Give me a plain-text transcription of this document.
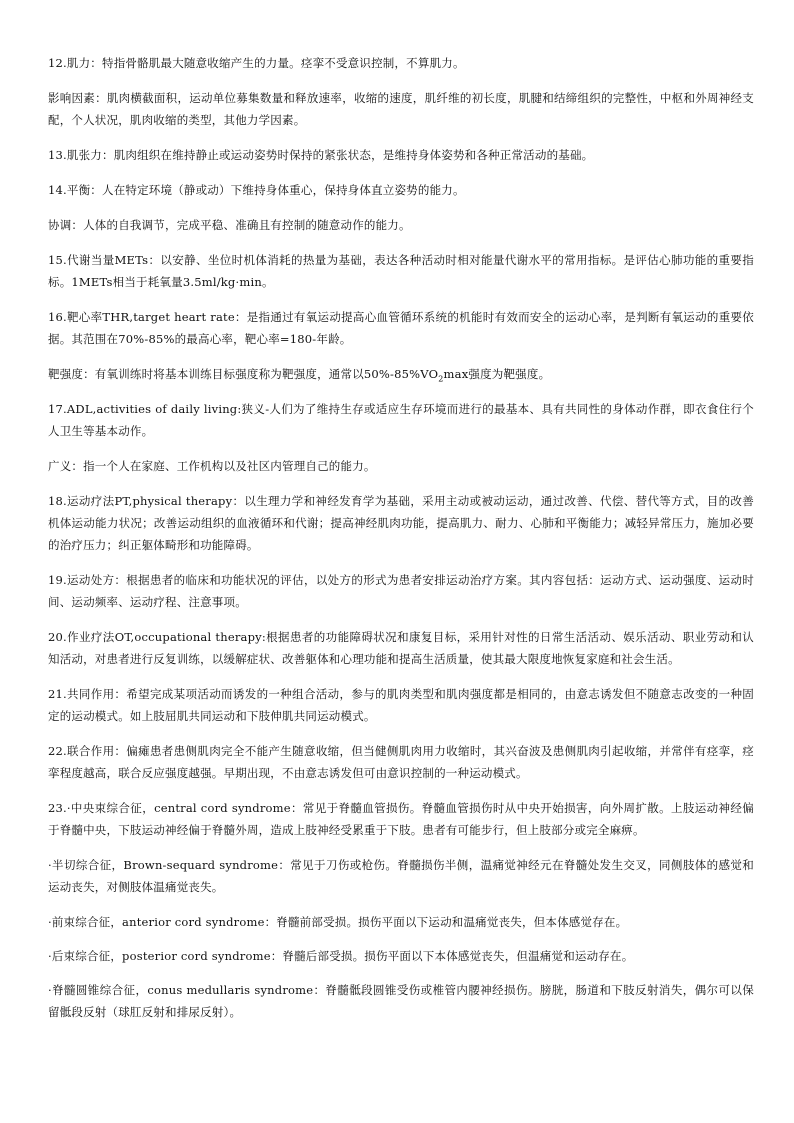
12.肌力：特指骨骼肌最大随意收缩产生的力量。痉挛不受意识控制，不算肌力。

影响因素：肌肉横截面积，运动单位募集数量和释放速率，收缩的速度，肌纤维的初长度，肌腱和结缔组织的完整性，中枢和外周神经支配，个人状况，肌肉收缩的类型，其他力学因素。

13.肌张力：肌肉组织在维持静止或运动姿势时保持的紧张状态，是维持身体姿势和各种正常活动的基础。

14.平衡：人在特定环境（静或动）下维持身体重心，保持身体直立姿势的能力。

协调：人体的自我调节，完成平稳、准确且有控制的随意动作的能力。

15.代谢当量METs：以安静、坐位时机体消耗的热量为基础，表达各种活动时相对能量代谢水平的常用指标。是评估心肺功能的重要指标。1METs相当于耗氧量3.5ml/kg·min。

16.靶心率THR,target heart rate：是指通过有氧运动提高心血管循环系统的机能时有效而安全的运动心率，是判断有氧运动的重要依据。其范围在70%-85%的最高心率，靶心率=180-年龄。

靶强度：有氧训练时将基本训练目标强度称为靶强度，通常以$50\%-85\%VO_2\max$强度为靶强度。

17.ADL,activities of daily living:狭义-人们为了维持生存或适应生存环境而进行的最基本、具有共同性的身体动作群，即衣食住行个人卫生等基本动作。

广义：指一个人在家庭、工作机构以及社区内管理自己的能力。

18.运动疗法PT,physical therapy：以生理力学和神经发育学为基础，采用主动或被动运动，通过改善、代偿、替代等方式，目的改善机体运动能力状况；改善运动组织的血液循环和代谢；提高神经肌肉功能，提高肌力、耐力、心肺和平衡能力；减轻异常压力，施加必要的治疗压力；纠正躯体畸形和功能障碍。

19.运动处方：根据患者的临床和功能状况的评估，以处方的形式为患者安排运动治疗方案。其内容包括：运动方式、运动强度、运动时间、运动频率、运动疗程、注意事项。

20.作业疗法OT,occupational therapy:根据患者的功能障碍状况和康复目标，采用针对性的日常生活活动、娱乐活动、职业劳动和认知活动，对患者进行反复训练，以缓解症状、改善躯体和心理功能和提高生活质量，使其最大限度地恢复家庭和社会生活。

21.共同作用：希望完成某项活动而诱发的一种组合活动，参与的肌肉类型和肌肉强度都是相同的，由意志诱发但不随意志改变的一种固定的运动模式。如上肢屈肌共同运动和下肢伸肌共同运动模式。

22.联合作用：偏瘫患者患侧肌肉完全不能产生随意收缩，但当健侧肌肉用力收缩时，其兴奋波及患侧肌肉引起收缩，并常伴有痉挛，痉挛程度越高，联合反应强度越强。早期出现，不由意志诱发但可由意识控制的一种运动模式。

23.·中央束综合征，central cord syndrome：常见于脊髓血管损伤。脊髓血管损伤时从中央开始损害，向外周扩散。上肢运动神经偏于脊髓中央，下肢运动神经偏于脊髓外周，造成上肢神经受累重于下肢。患者有可能步行，但上肢部分或完全麻痹。

·半切综合征，Brown-sequard syndrome：常见于刀伤或枪伤。脊髓损伤半侧，温痛觉神经元在脊髓处发生交叉，同侧肢体的感觉和运动丧失，对侧肢体温痛觉丧失。

·前束综合征，anterior cord syndrome：脊髓前部受损。损伤平面以下运动和温痛觉丧失，但本体感觉存在。

·后束综合征，posterior cord syndrome：脊髓后部受损。损伤平面以下本体感觉丧失，但温痛觉和运动存在。

·脊髓圆锥综合征，conus medullaris syndrome：脊髓骶段圆锥受伤或椎管内腰神经损伤。膀胱，肠道和下肢反射消失，偶尔可以保留骶段反射（球肛反射和排尿反射）。
